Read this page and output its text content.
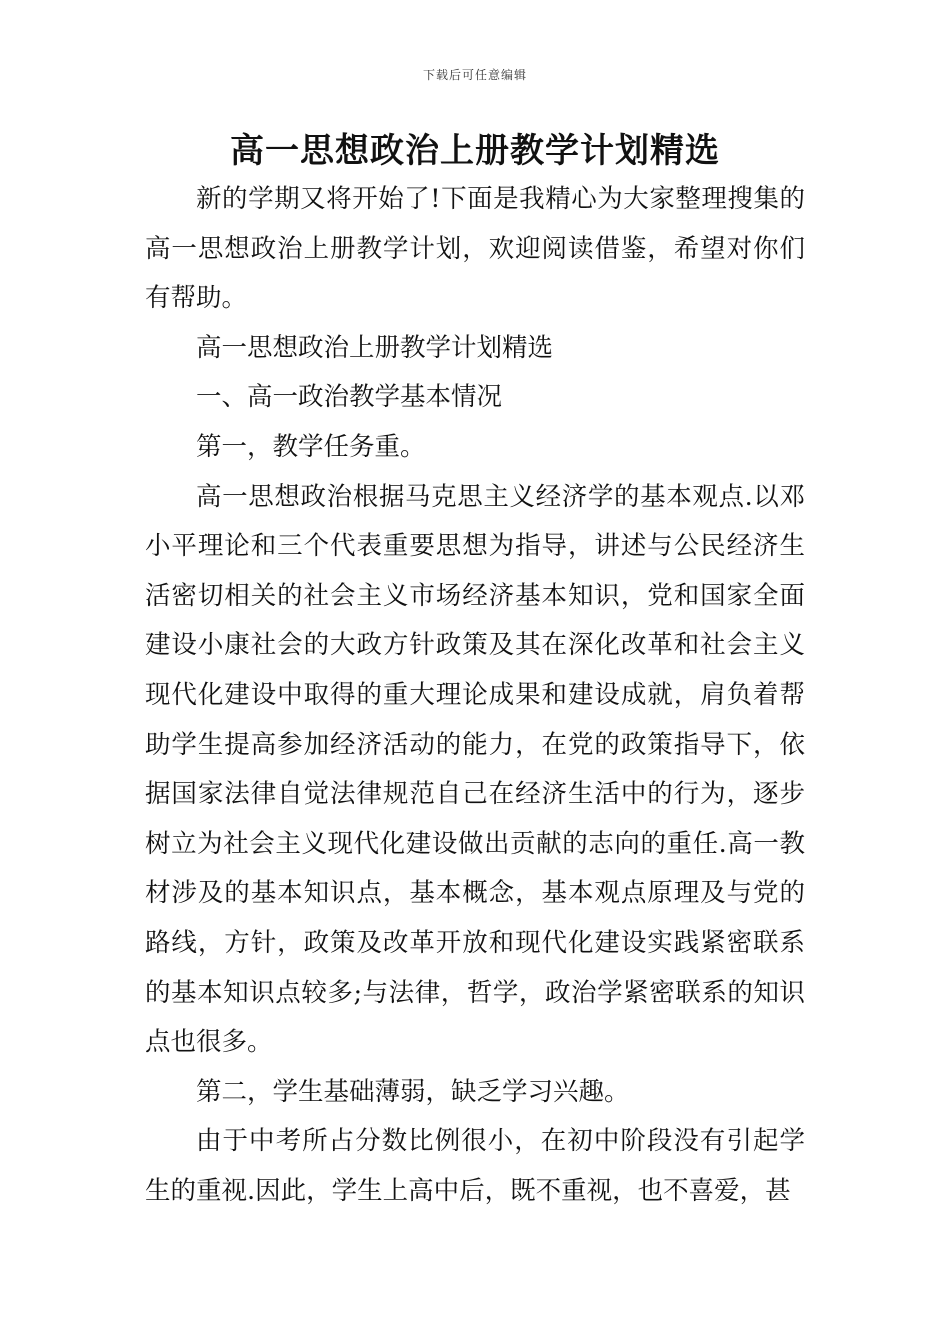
下载后可任意编辑
高一思想政治上册教学计划精选

新的学期又将开始了!下面是我精心为大家整理搜集的高一思想政治上册教学计划，欢迎阅读借鉴，希望对你们有帮助。

高一思想政治上册教学计划精选

一、高一政治教学基本情况

第一，教学任务重。

高一思想政治根据马克思主义经济学的基本观点.以邓小平理论和三个代表重要思想为指导，讲述与公民经济生活密切相关的社会主义市场经济基本知识，党和国家全面建设小康社会的大政方针政策及其在深化改革和社会主义现代化建设中取得的重大理论成果和建设成就，肩负着帮助学生提高参加经济活动的能力，在党的政策指导下，依据国家法律自觉法律规范自己在经济生活中的行为，逐步树立为社会主义现代化建设做出贡献的志向的重任.高一教材涉及的基本知识点，基本概念，基本观点原理及与党的路线，方针，政策及改革开放和现代化建设实践紧密联系的基本知识点较多;与法律，哲学，政治学紧密联系的知识点也很多。

第二，学生基础薄弱，缺乏学习兴趣。

由于中考所占分数比例很小，在初中阶段没有引起学生的重视.因此，学生上高中后，既不重视，也不喜爱，甚
